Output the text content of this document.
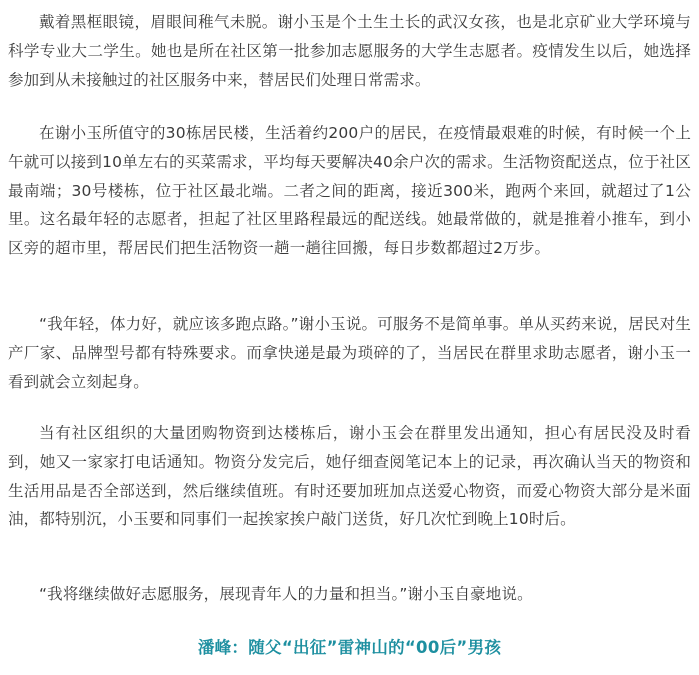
戴着黑框眼镜，眉眼间稚气未脱。谢小玉是个土生土长的武汉女孩，也是北京矿业大学环境与科学专业大二学生。她也是所在社区第一批参加志愿服务的大学生志愿者。疫情发生以后，她选择参加到从未接触过的社区服务中来，替居民们处理日常需求。

在谢小玉所值守的30栋居民楼，生活着约200户的居民，在疫情最艰难的时候，有时候一个上午就可以接到10单左右的买菜需求，平均每天要解决40余户次的需求。生活物资配送点，位于社区最南端；30号楼栋，位于社区最北端。二者之间的距离，接近300米，跑两个来回，就超过了1公里。这名最年轻的志愿者，担起了社区里路程最远的配送线。她最常做的，就是推着小推车，到小区旁的超市里，帮居民们把生活物资一趟一趟往回搬，每日步数都超过2万步。

“我年轻，体力好，就应该多跑点路。”谢小玉说。可服务不是简单事。单从买药来说，居民对生产厂家、品牌型号都有特殊要求。而拿快递是最为琐碎的了，当居民在群里求助志愿者，谢小玉一看到就会立刻起身。

当有社区组织的大量团购物资到达楼栋后，谢小玉会在群里发出通知，担心有居民没及时看到，她又一家家打电话通知。物资分发完后，她仔细查阅笔记本上的记录，再次确认当天的物资和生活用品是否全部送到，然后继续值班。有时还要加班加点送爱心物资，而爱心物资大部分是米面油，都特别沉，小玉要和同事们一起挨家挨户敲门送货，好几次忙到晚上10时后。

“我将继续做好志愿服务，展现青年人的力量和担当。”谢小玉自豪地说。

潘峰：随父“出征”雷神山的“00后”男孩
